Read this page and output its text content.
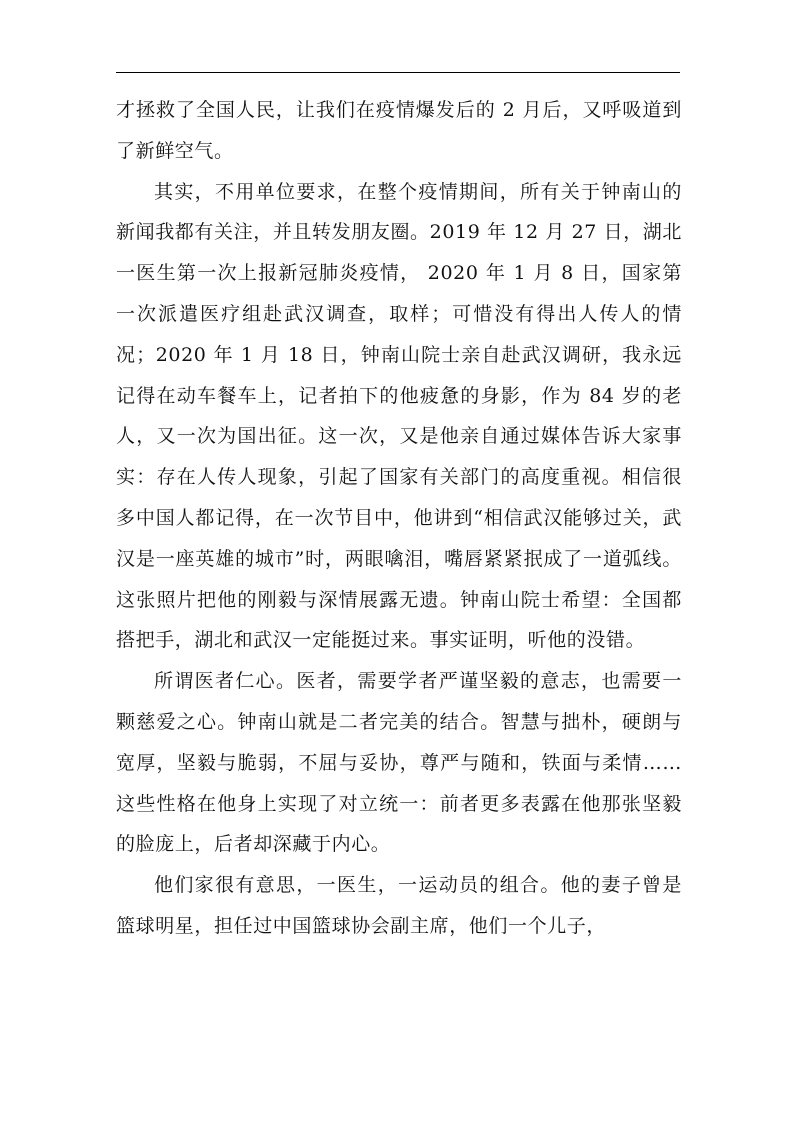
才拯救了全国人民，让我们在疫情爆发后的 2 月后，又呼吸道到了新鲜空气。

其实，不用单位要求，在整个疫情期间，所有关于钟南山的新闻我都有关注，并且转发朋友圈。2019 年 12 月 27 日，湖北一医生第一次上报新冠肺炎疫情， 2020 年 1 月 8 日，国家第一次派遣医疗组赴武汉调查，取样；可惜没有得出人传人的情况；2020 年 1 月 18 日，钟南山院士亲自赴武汉调研，我永远记得在动车餐车上，记者拍下的他疲惫的身影，作为 84 岁的老人，又一次为国出征。这一次，又是他亲自通过媒体告诉大家事实：存在人传人现象，引起了国家有关部门的高度重视。相信很多中国人都记得，在一次节目中，他讲到“相信武汉能够过关，武汉是一座英雄的城市”时，两眼噙泪，嘴唇紧紧抿成了一道弧线。这张照片把他的刚毅与深情展露无遗。钟南山院士希望：全国都搭把手，湖北和武汉一定能挺过来。事实证明，听他的没错。

所谓医者仁心。医者，需要学者严谨坚毅的意志，也需要一颗慈爱之心。钟南山就是二者完美的结合。智慧与拙朴，硬朗与宽厚，坚毅与脆弱，不屈与妥协，尊严与随和，铁面与柔情……这些性格在他身上实现了对立统一：前者更多表露在他那张坚毅的脸庞上，后者却深藏于内心。

他们家很有意思，一医生，一运动员的组合。他的妻子曾是篮球明星，担任过中国篮球协会副主席，他们一个儿子，
